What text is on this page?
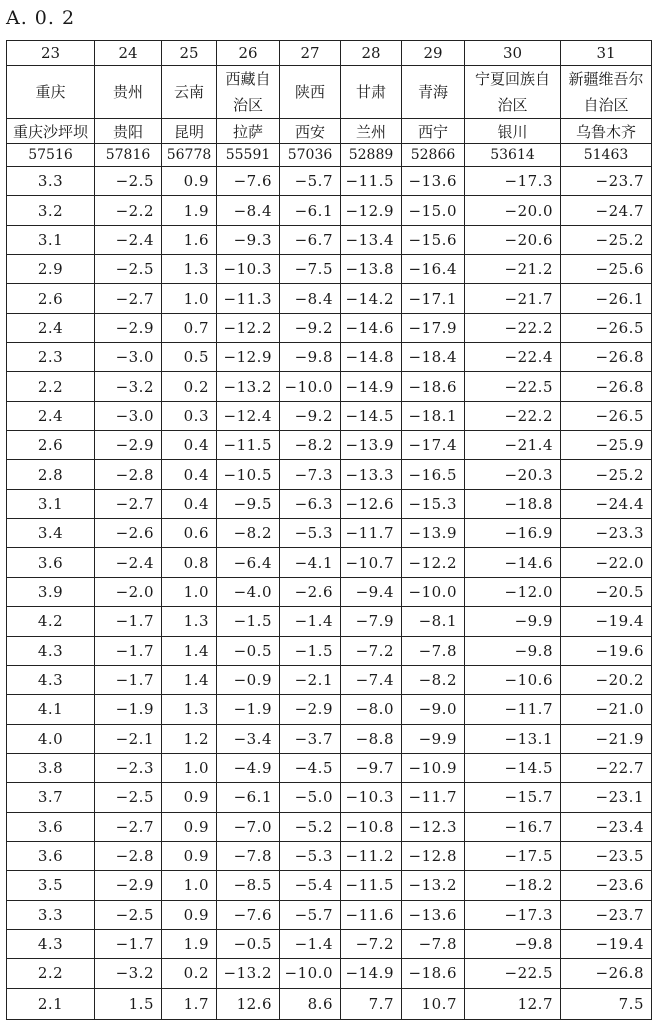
A. 0. 2
23	24	25	26	27	28	29	30	31
重庆	贵州	云南	西藏自治区	陕西	甘肃	青海	宁夏回族自治区	新疆维吾尔自治区
重庆沙坪坝	贵阳	昆明	拉萨	西安	兰州	西宁	银川	乌鲁木齐
57516	57816	56778	55591	57036	52889	52866	53614	51463
3.3	−2.5	0.9	−7.6	−5.7	−11.5	−13.6	−17.3	−23.7
3.2	−2.2	1.9	−8.4	−6.1	−12.9	−15.0	−20.0	−24.7
3.1	−2.4	1.6	−9.3	−6.7	−13.4	−15.6	−20.6	−25.2
2.9	−2.5	1.3	−10.3	−7.5	−13.8	−16.4	−21.2	−25.6
2.6	−2.7	1.0	−11.3	−8.4	−14.2	−17.1	−21.7	−26.1
2.4	−2.9	0.7	−12.2	−9.2	−14.6	−17.9	−22.2	−26.5
2.3	−3.0	0.5	−12.9	−9.8	−14.8	−18.4	−22.4	−26.8
2.2	−3.2	0.2	−13.2	−10.0	−14.9	−18.6	−22.5	−26.8
2.4	−3.0	0.3	−12.4	−9.2	−14.5	−18.1	−22.2	−26.5
2.6	−2.9	0.4	−11.5	−8.2	−13.9	−17.4	−21.4	−25.9
2.8	−2.8	0.4	−10.5	−7.3	−13.3	−16.5	−20.3	−25.2
3.1	−2.7	0.4	−9.5	−6.3	−12.6	−15.3	−18.8	−24.4
3.4	−2.6	0.6	−8.2	−5.3	−11.7	−13.9	−16.9	−23.3
3.6	−2.4	0.8	−6.4	−4.1	−10.7	−12.2	−14.6	−22.0
3.9	−2.0	1.0	−4.0	−2.6	−9.4	−10.0	−12.0	−20.5
4.2	−1.7	1.3	−1.5	−1.4	−7.9	−8.1	−9.9	−19.4
4.3	−1.7	1.4	−0.5	−1.5	−7.2	−7.8	−9.8	−19.6
4.3	−1.7	1.4	−0.9	−2.1	−7.4	−8.2	−10.6	−20.2
4.1	−1.9	1.3	−1.9	−2.9	−8.0	−9.0	−11.7	−21.0
4.0	−2.1	1.2	−3.4	−3.7	−8.8	−9.9	−13.1	−21.9
3.8	−2.3	1.0	−4.9	−4.5	−9.7	−10.9	−14.5	−22.7
3.7	−2.5	0.9	−6.1	−5.0	−10.3	−11.7	−15.7	−23.1
3.6	−2.7	0.9	−7.0	−5.2	−10.8	−12.3	−16.7	−23.4
3.6	−2.8	0.9	−7.8	−5.3	−11.2	−12.8	−17.5	−23.5
3.5	−2.9	1.0	−8.5	−5.4	−11.5	−13.2	−18.2	−23.6
3.3	−2.5	0.9	−7.6	−5.7	−11.6	−13.6	−17.3	−23.7
4.3	−1.7	1.9	−0.5	−1.4	−7.2	−7.8	−9.8	−19.4
2.2	−3.2	0.2	−13.2	−10.0	−14.9	−18.6	−22.5	−26.8
2.1	1.5	1.7	12.6	8.6	7.7	10.7	12.7	7.5
